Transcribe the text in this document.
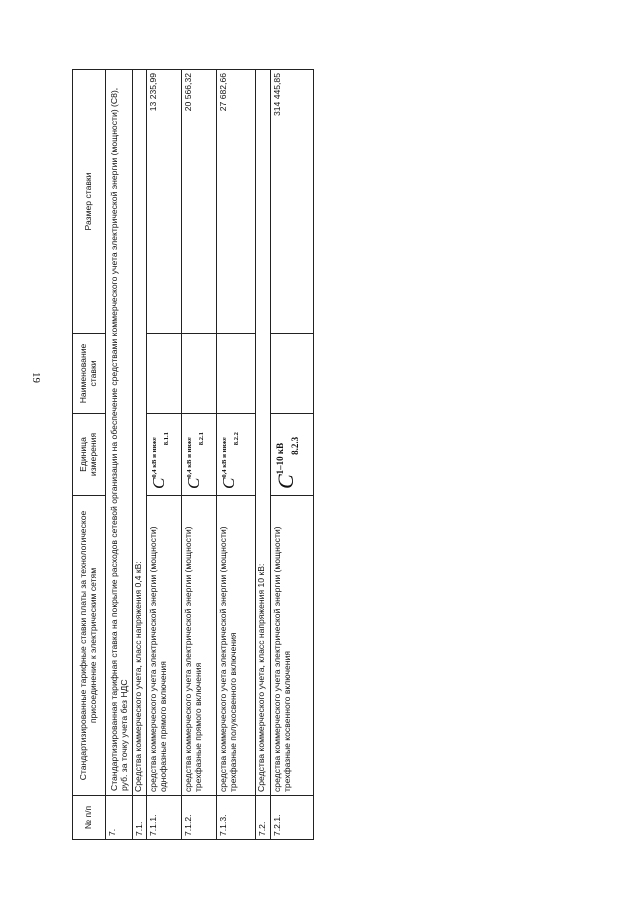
19
№ п/п	Стандартизированные тарифные ставки платы за технологическое присоединение к электрическим сетям	Единица измерения	Наименование ставки	Размер ставки
7.	Стандартизированная тарифная ставка на покрытие расходов сетевой организации на обеспечение средствами коммерческого учета электрической энергии (мощности) (С8), руб. за точку учета без НДС			
7.1.	Средства коммерческого учета, класс напряжения 0,4 кВ:			
7.1.1.	средства коммерческого учета электрической энергии (мощности) однофазные прямого включения	$C^{0,4 кВ и ниже}$ $_{8.1.1}$		13 235,99
7.1.2.	средства коммерческого учета электрической энергии (мощности) трехфазные прямого включения	$C^{0,4 кВ и ниже}$ $_{8.2.1}$		20 566,32
7.1.3.	средства коммерческого учета электрической энергии (мощности) трехфазные полукосвенного включения	$C^{0,4 кВ и ниже}$ $_{8.2.2}$		27 682,66
7.2.	Средства коммерческого учета, класс напряжения 10 кВ:			
7.2.1.	средства коммерческого учета электрической энергии (мощности) трехфазные косвенного включения	C1–10 кВ 8.2.3		314 445,85
